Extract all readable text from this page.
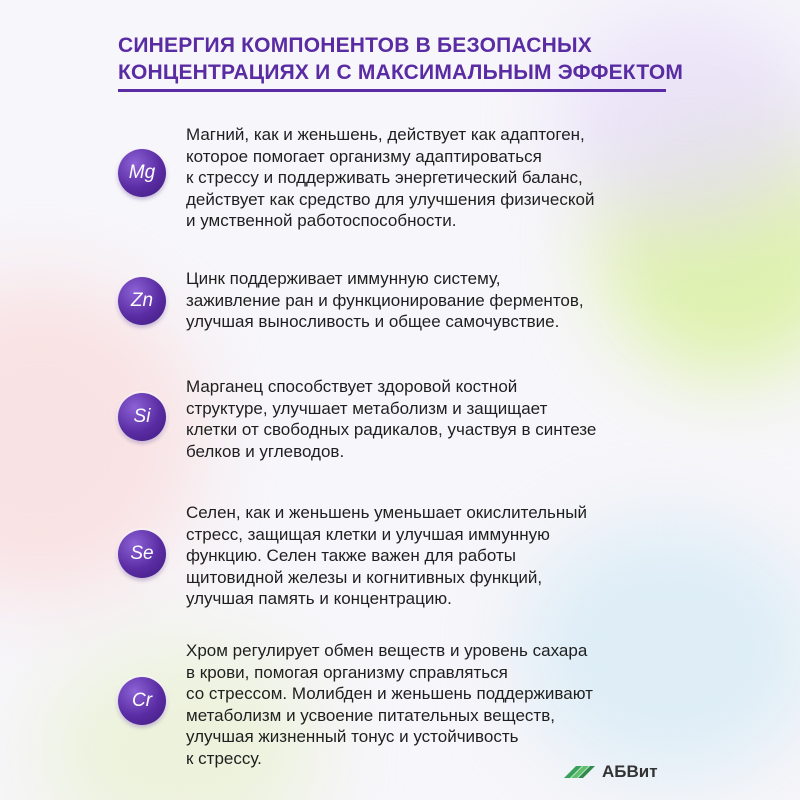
СИНЕРГИЯ КОМПОНЕНТОВ В БЕЗОПАСНЫХ
КОНЦЕНТРАЦИЯХ И С МАКСИМАЛЬНЫМ ЭФФЕКТОМ
Mg

Магний, как и женьшень, действует как адаптоген,
которое помогает организму адаптироваться
к стрессу и поддерживать энергетический баланс,
действует как средство для улучшения физической
и умственной работоспособности.

Zn

Цинк поддерживает иммунную систему,
заживление ран и функционирование ферментов,
улучшая выносливость и общее самочувствие.

Si

Марганец способствует здоровой костной
структуре, улучшает метаболизм и защищает
клетки от свободных радикалов, участвуя в синтезе
белков и углеводов.

Se

Селен, как и женьшень уменьшает окислительный
стресс, защищая клетки и улучшая иммунную
функцию. Селен также важен для работы
щитовидной железы и когнитивных функций,
улучшая память и концентрацию.

Cr

Хром регулирует обмен веществ и уровень сахара
в крови, помогая организму справляться
со стрессом. Молибден и женьшень поддерживают
метаболизм и усвоение питательных веществ,
улучшая жизненный тонус и устойчивость
к стрессу.

АБВит
